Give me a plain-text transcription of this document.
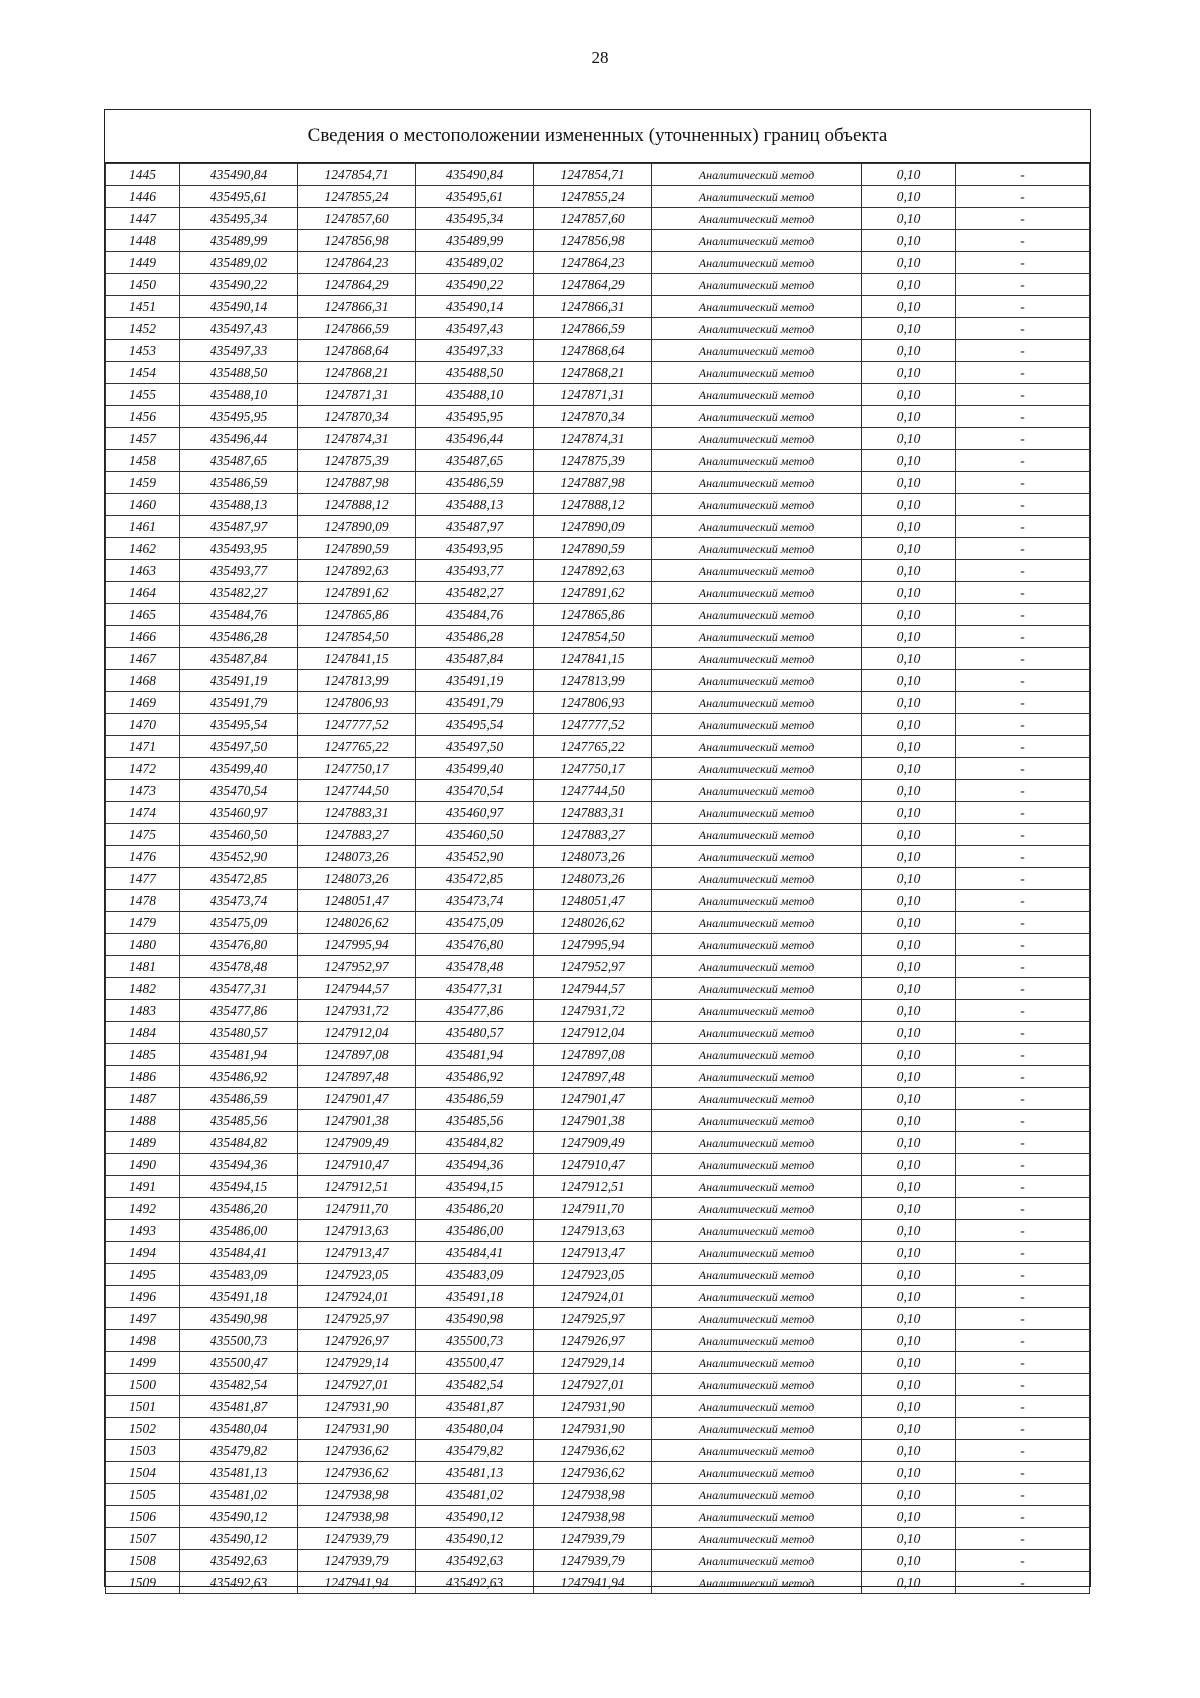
28
Сведения о местоположении измененных (уточненных) границ объекта
1445	435490,84	1247854,71	435490,84	1247854,71	Аналитический метод	0,10	-
1446	435495,61	1247855,24	435495,61	1247855,24	Аналитический метод	0,10	-
1447	435495,34	1247857,60	435495,34	1247857,60	Аналитический метод	0,10	-
1448	435489,99	1247856,98	435489,99	1247856,98	Аналитический метод	0,10	-
1449	435489,02	1247864,23	435489,02	1247864,23	Аналитический метод	0,10	-
1450	435490,22	1247864,29	435490,22	1247864,29	Аналитический метод	0,10	-
1451	435490,14	1247866,31	435490,14	1247866,31	Аналитический метод	0,10	-
1452	435497,43	1247866,59	435497,43	1247866,59	Аналитический метод	0,10	-
1453	435497,33	1247868,64	435497,33	1247868,64	Аналитический метод	0,10	-
1454	435488,50	1247868,21	435488,50	1247868,21	Аналитический метод	0,10	-
1455	435488,10	1247871,31	435488,10	1247871,31	Аналитический метод	0,10	-
1456	435495,95	1247870,34	435495,95	1247870,34	Аналитический метод	0,10	-
1457	435496,44	1247874,31	435496,44	1247874,31	Аналитический метод	0,10	-
1458	435487,65	1247875,39	435487,65	1247875,39	Аналитический метод	0,10	-
1459	435486,59	1247887,98	435486,59	1247887,98	Аналитический метод	0,10	-
1460	435488,13	1247888,12	435488,13	1247888,12	Аналитический метод	0,10	-
1461	435487,97	1247890,09	435487,97	1247890,09	Аналитический метод	0,10	-
1462	435493,95	1247890,59	435493,95	1247890,59	Аналитический метод	0,10	-
1463	435493,77	1247892,63	435493,77	1247892,63	Аналитический метод	0,10	-
1464	435482,27	1247891,62	435482,27	1247891,62	Аналитический метод	0,10	-
1465	435484,76	1247865,86	435484,76	1247865,86	Аналитический метод	0,10	-
1466	435486,28	1247854,50	435486,28	1247854,50	Аналитический метод	0,10	-
1467	435487,84	1247841,15	435487,84	1247841,15	Аналитический метод	0,10	-
1468	435491,19	1247813,99	435491,19	1247813,99	Аналитический метод	0,10	-
1469	435491,79	1247806,93	435491,79	1247806,93	Аналитический метод	0,10	-
1470	435495,54	1247777,52	435495,54	1247777,52	Аналитический метод	0,10	-
1471	435497,50	1247765,22	435497,50	1247765,22	Аналитический метод	0,10	-
1472	435499,40	1247750,17	435499,40	1247750,17	Аналитический метод	0,10	-
1473	435470,54	1247744,50	435470,54	1247744,50	Аналитический метод	0,10	-
1474	435460,97	1247883,31	435460,97	1247883,31	Аналитический метод	0,10	-
1475	435460,50	1247883,27	435460,50	1247883,27	Аналитический метод	0,10	-
1476	435452,90	1248073,26	435452,90	1248073,26	Аналитический метод	0,10	-
1477	435472,85	1248073,26	435472,85	1248073,26	Аналитический метод	0,10	-
1478	435473,74	1248051,47	435473,74	1248051,47	Аналитический метод	0,10	-
1479	435475,09	1248026,62	435475,09	1248026,62	Аналитический метод	0,10	-
1480	435476,80	1247995,94	435476,80	1247995,94	Аналитический метод	0,10	-
1481	435478,48	1247952,97	435478,48	1247952,97	Аналитический метод	0,10	-
1482	435477,31	1247944,57	435477,31	1247944,57	Аналитический метод	0,10	-
1483	435477,86	1247931,72	435477,86	1247931,72	Аналитический метод	0,10	-
1484	435480,57	1247912,04	435480,57	1247912,04	Аналитический метод	0,10	-
1485	435481,94	1247897,08	435481,94	1247897,08	Аналитический метод	0,10	-
1486	435486,92	1247897,48	435486,92	1247897,48	Аналитический метод	0,10	-
1487	435486,59	1247901,47	435486,59	1247901,47	Аналитический метод	0,10	-
1488	435485,56	1247901,38	435485,56	1247901,38	Аналитический метод	0,10	-
1489	435484,82	1247909,49	435484,82	1247909,49	Аналитический метод	0,10	-
1490	435494,36	1247910,47	435494,36	1247910,47	Аналитический метод	0,10	-
1491	435494,15	1247912,51	435494,15	1247912,51	Аналитический метод	0,10	-
1492	435486,20	1247911,70	435486,20	1247911,70	Аналитический метод	0,10	-
1493	435486,00	1247913,63	435486,00	1247913,63	Аналитический метод	0,10	-
1494	435484,41	1247913,47	435484,41	1247913,47	Аналитический метод	0,10	-
1495	435483,09	1247923,05	435483,09	1247923,05	Аналитический метод	0,10	-
1496	435491,18	1247924,01	435491,18	1247924,01	Аналитический метод	0,10	-
1497	435490,98	1247925,97	435490,98	1247925,97	Аналитический метод	0,10	-
1498	435500,73	1247926,97	435500,73	1247926,97	Аналитический метод	0,10	-
1499	435500,47	1247929,14	435500,47	1247929,14	Аналитический метод	0,10	-
1500	435482,54	1247927,01	435482,54	1247927,01	Аналитический метод	0,10	-
1501	435481,87	1247931,90	435481,87	1247931,90	Аналитический метод	0,10	-
1502	435480,04	1247931,90	435480,04	1247931,90	Аналитический метод	0,10	-
1503	435479,82	1247936,62	435479,82	1247936,62	Аналитический метод	0,10	-
1504	435481,13	1247936,62	435481,13	1247936,62	Аналитический метод	0,10	-
1505	435481,02	1247938,98	435481,02	1247938,98	Аналитический метод	0,10	-
1506	435490,12	1247938,98	435490,12	1247938,98	Аналитический метод	0,10	-
1507	435490,12	1247939,79	435490,12	1247939,79	Аналитический метод	0,10	-
1508	435492,63	1247939,79	435492,63	1247939,79	Аналитический метод	0,10	-
1509	435492,63	1247941,94	435492,63	1247941,94	Аналитический метод	0,10	-
